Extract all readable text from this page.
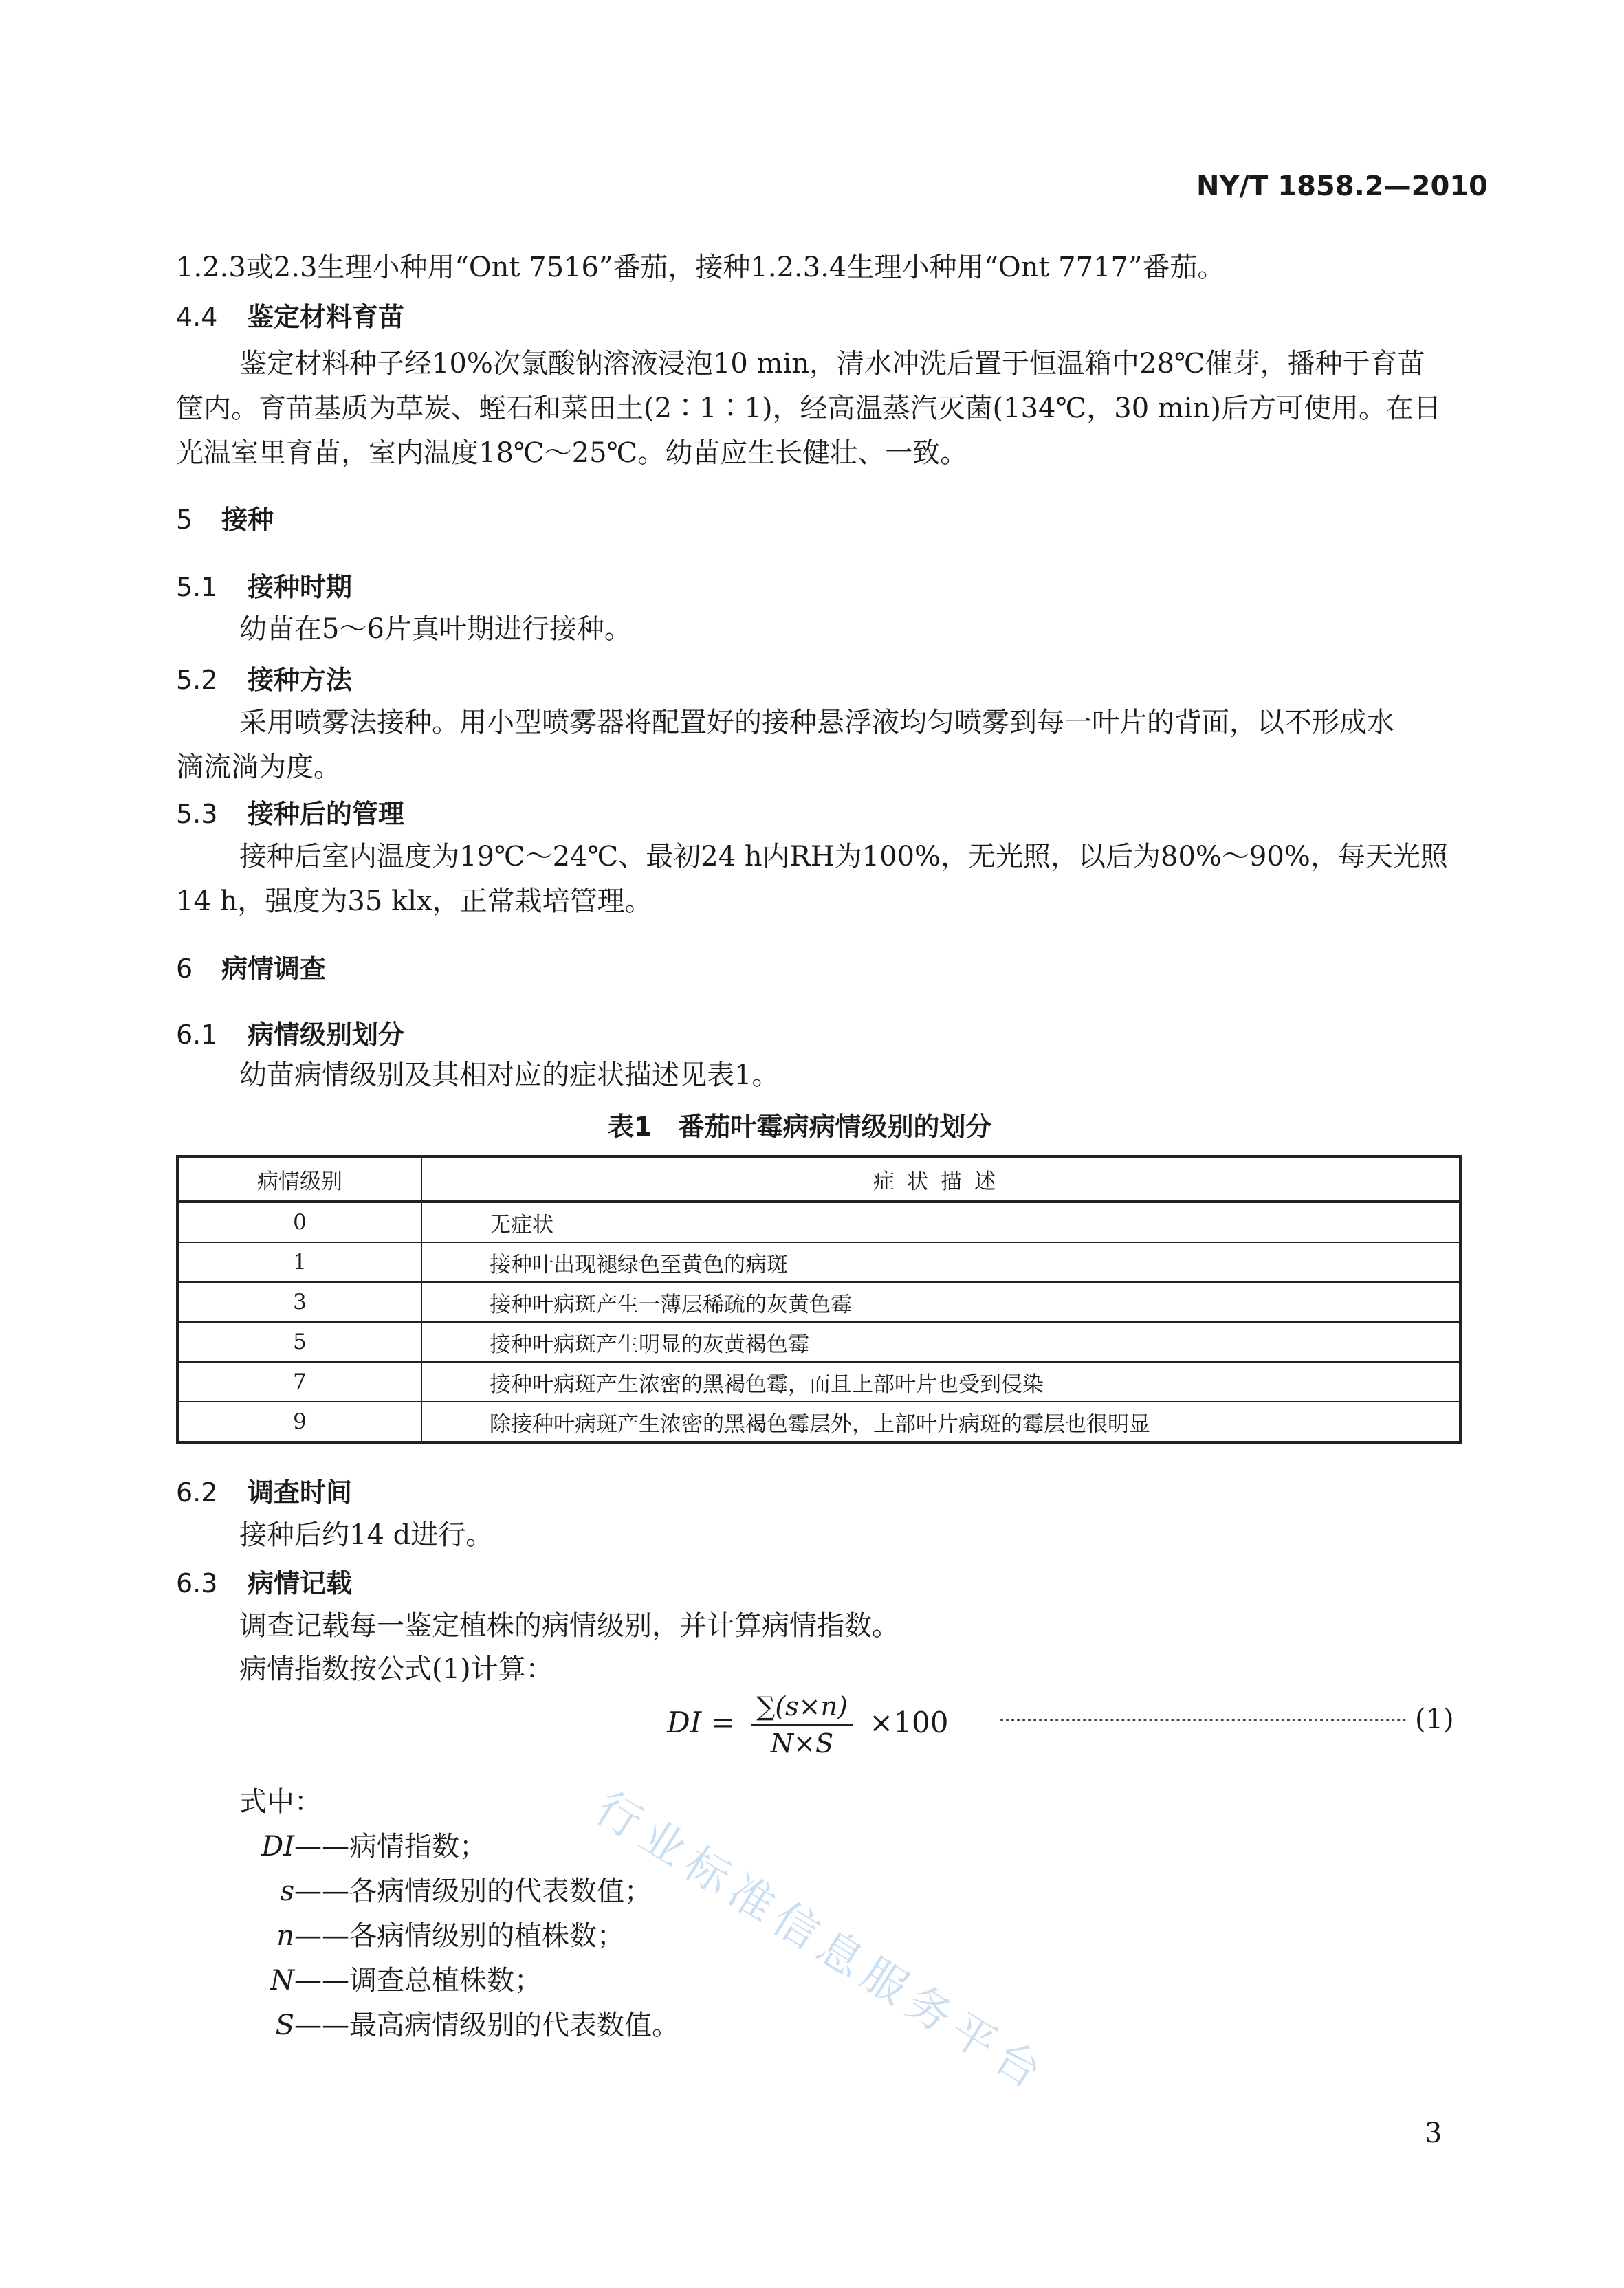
NY/T 1858.2—2010
1.2.3或2.3生理小种用“Ont 7516”番茄，接种1.2.3.4生理小种用“Ont 7717”番茄。
4.4 鉴定材料育苗
鉴定材料种子经10%次氯酸钠溶液浸泡10 min，清水冲洗后置于恒温箱中28℃催芽，播种于育苗
筐内。育苗基质为草炭、蛭石和菜田土(2∶1∶1)，经高温蒸汽灭菌(134℃，30 min)后方可使用。在日
光温室里育苗，室内温度18℃～25℃。幼苗应生长健壮、一致。
5 接种
5.1 接种时期
幼苗在5～6片真叶期进行接种。
5.2 接种方法
采用喷雾法接种。用小型喷雾器将配置好的接种悬浮液均匀喷雾到每一叶片的背面，以不形成水
滴流淌为度。
5.3 接种后的管理
接种后室内温度为19℃～24℃、最初24 h内RH为100%，无光照，以后为80%～90%，每天光照
14 h，强度为35 klx，正常栽培管理。
6 病情调查
6.1 病情级别划分
幼苗病情级别及其相对应的症状描述见表1。
表1　番茄叶霉病病情级别的划分
病情级别	症状描述
0	无症状
1	接种叶出现褪绿色至黄色的病斑
3	接种叶病斑产生一薄层稀疏的灰黄色霉
5	接种叶病斑产生明显的灰黄褐色霉
7	接种叶病斑产生浓密的黑褐色霉，而且上部叶片也受到侵染
9	除接种叶病斑产生浓密的黑褐色霉层外，上部叶片病斑的霉层也很明显
6.2 调查时间
接种后约14 d进行。
6.3 病情记载
调查记载每一鉴定植株的病情级别，并计算病情指数。
病情指数按公式(1)计算：
行业标准信息服务平台
DI = $\frac{\sum(s\times n)}{N\times S} \times 100$	(1)
式中：
DI——病情指数；
s——各病情级别的代表数值；
n——各病情级别的植株数；
N——调查总植株数；
S——最高病情级别的代表数值。
3
